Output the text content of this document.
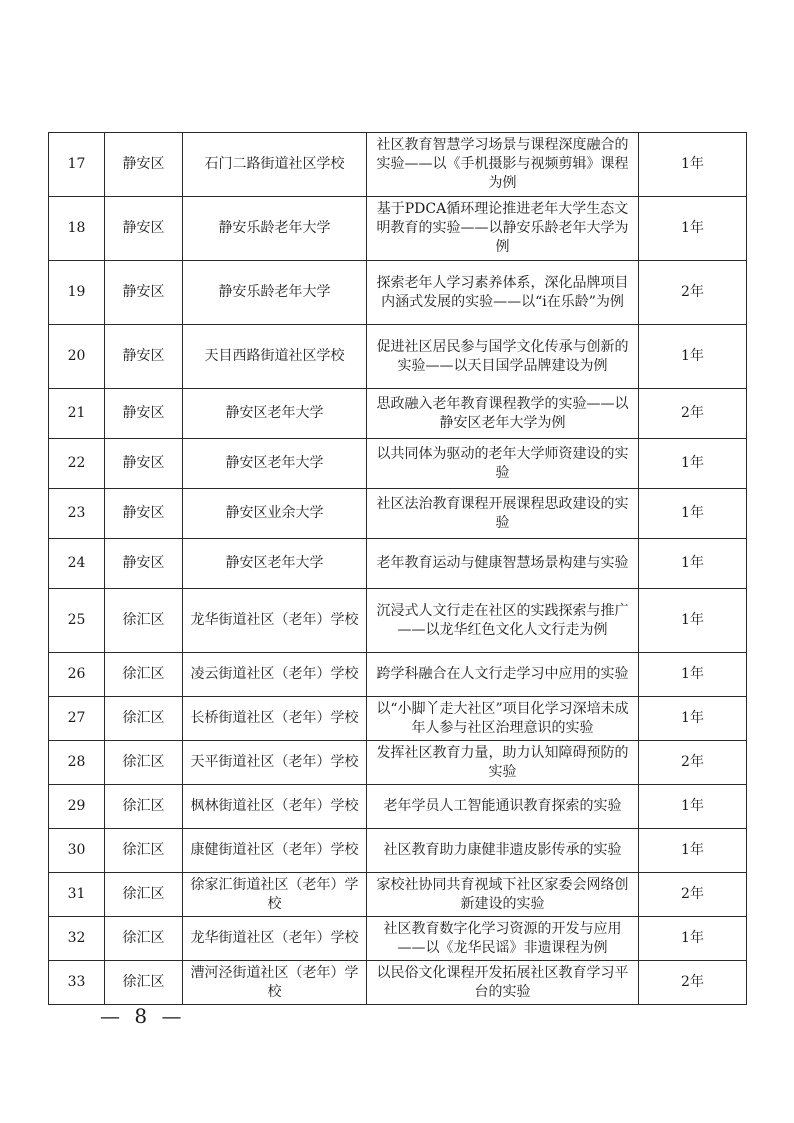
17	静安区	石门二路街道社区学校	社区教育智慧学习场景与课程深度融合的实验——以《手机摄影与视频剪辑》课程为例	1年
18	静安区	静安乐龄老年大学	基于PDCA循环理论推进老年大学生态文明教育的实验——以静安乐龄老年大学为例	1年
19	静安区	静安乐龄老年大学	探索老年人学习素养体系，深化品牌项目内涵式发展的实验——以“i在乐龄”为例	2年
20	静安区	天目西路街道社区学校	促进社区居民参与国学文化传承与创新的实验——以天目国学品牌建设为例	1年
21	静安区	静安区老年大学	思政融入老年教育课程教学的实验——以静安区老年大学为例	2年
22	静安区	静安区老年大学	以共同体为驱动的老年大学师资建设的实验	1年
23	静安区	静安区业余大学	社区法治教育课程开展课程思政建设的实验	1年
24	静安区	静安区老年大学	老年教育运动与健康智慧场景构建与实验	1年
25	徐汇区	龙华街道社区（老年）学校	沉浸式人文行走在社区的实践探索与推广——以龙华红色文化人文行走为例	1年
26	徐汇区	凌云街道社区（老年）学校	跨学科融合在人文行走学习中应用的实验	1年
27	徐汇区	长桥街道社区（老年）学校	以“小脚丫走大社区”项目化学习深培未成年人参与社区治理意识的实验	1年
28	徐汇区	天平街道社区（老年）学校	发挥社区教育力量，助力认知障碍预防的实验	2年
29	徐汇区	枫林街道社区（老年）学校	老年学员人工智能通识教育探索的实验	1年
30	徐汇区	康健街道社区（老年）学校	社区教育助力康健非遗皮影传承的实验	1年
31	徐汇区	徐家汇街道社区（老年）学校	家校社协同共育视域下社区家委会网络创新建设的实验	2年
32	徐汇区	龙华街道社区（老年）学校	社区教育数字化学习资源的开发与应用——以《龙华民谣》非遗课程为例	1年
33	徐汇区	漕河泾街道社区（老年）学校	以民俗文化课程开发拓展社区教育学习平台的实验	2年
— 8 —
